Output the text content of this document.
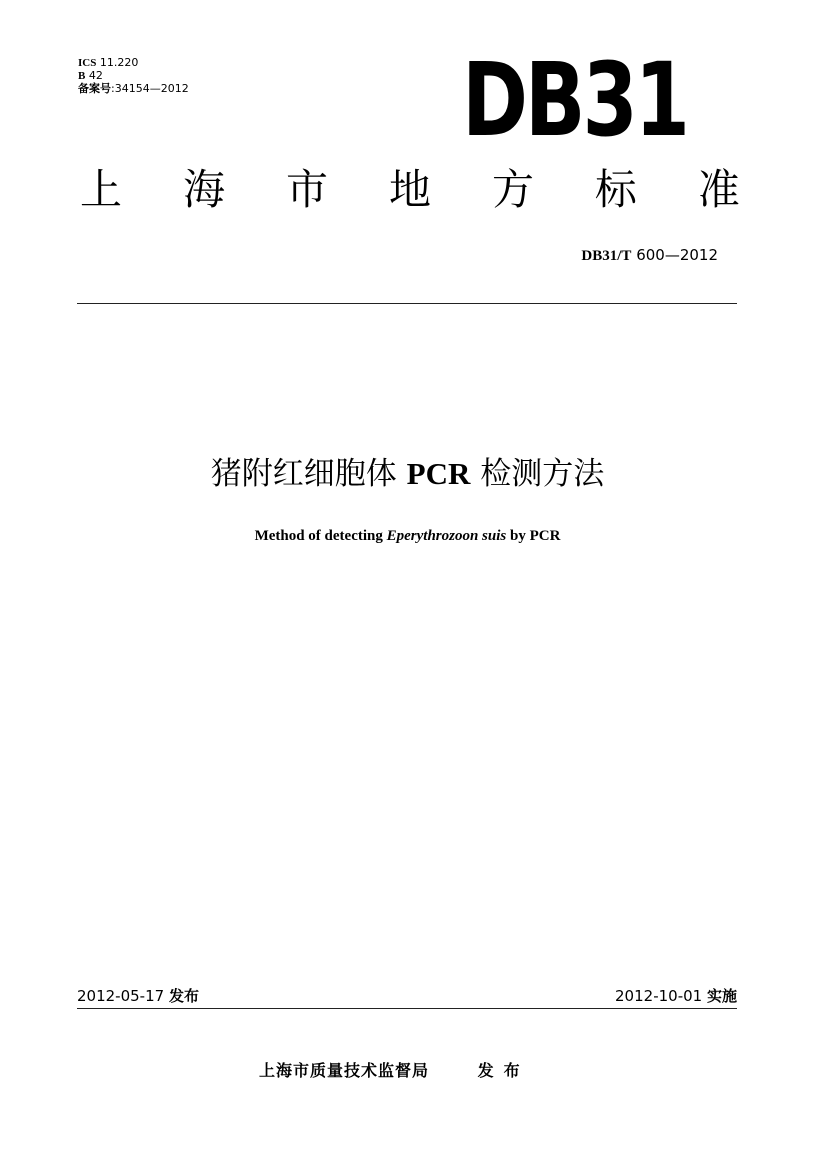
ICS 11.220
B 42
备案号:34154—2012	DB31
上 海 市 地 方 标 准
DB31/T 600—2012
猪附红细胞体 PCR 检测方法
Method of detecting Eperythrozoon suis by PCR
2012-05-17 发布	2012-10-01 实施
上海市质量技术监督局	发布
